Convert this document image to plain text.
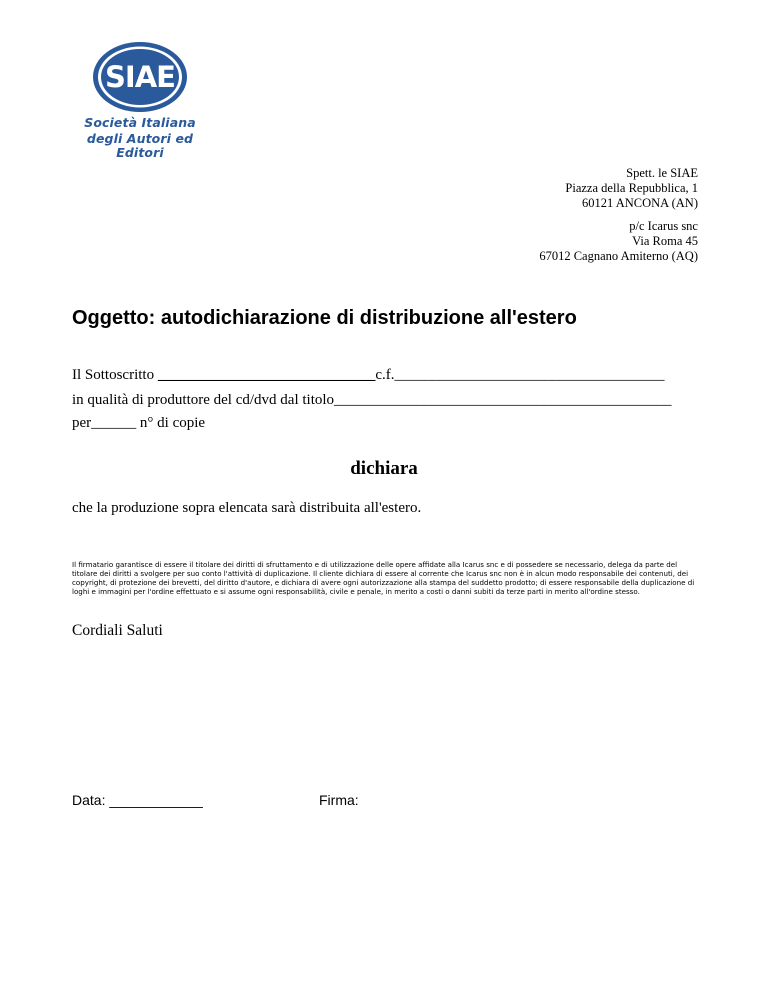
SIAE
Società Italiana
degli Autori ed Editori
Spett. le SIAE
Piazza della Repubblica, 1
60121 ANCONA (AN)
p/c Icarus snc
Via Roma 45
67012 Cagnano Amiterno (AQ)
Oggetto: autodichiarazione di distribuzione all'estero
Il Sottoscritto _____________________________c.f.____________________________________
in qualità di produttore del cd/dvd dal titolo_____________________________________________
per______ n° di copie
dichiara
che la produzione sopra elencata sarà distribuita all'estero.
Il firmatario garantisce di essere il titolare dei diritti di sfruttamento e di utilizzazione delle opere affidate alla Icarus snc e di possedere se necessario, delega da parte del titolare dei diritti a svolgere per suo conto l'attività di duplicazione. Il cliente dichiara di essere al corrente che Icarus snc non è in alcun modo responsabile dei contenuti, dei copyright, di protezione dei brevetti, del diritto d'autore, e dichiara di avere ogni autorizzazione alla stampa del suddetto prodotto; di essere responsabile della duplicazione di loghi e immagini per l'ordine effettuato e si assume ogni responsabilità, civile e penale, in merito a costi o danni subiti da terze parti in merito all'ordine stesso.
Cordiali Saluti
Data: ____________	Firma:
